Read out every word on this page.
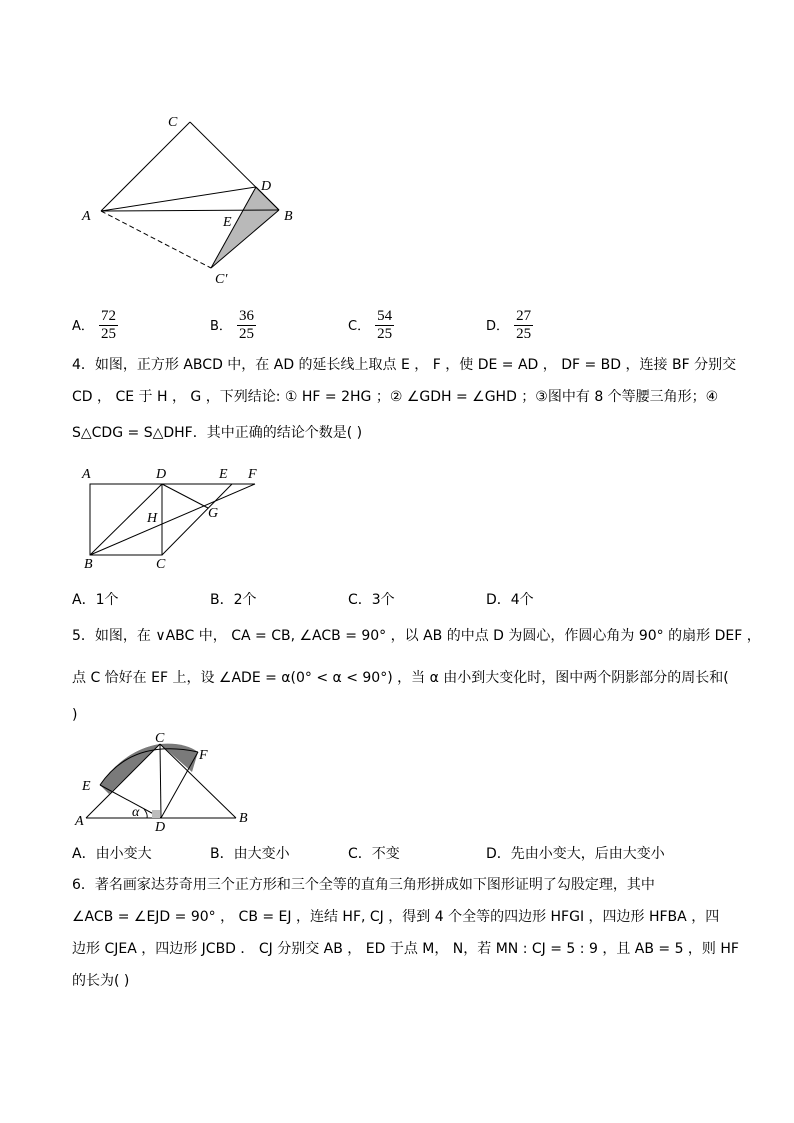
C
D
A	E	B
C′
A． $\frac{72}{25}$	B． $\frac{36}{25}$	C． $\frac{54}{25}$	D． $\frac{27}{25}$
4．如图，正方形 ABCD 中，在 AD 的延长线上取点 E ， F ，使 DE = AD ， DF = BD ，连接 BF 分别交
CD ， CE 于 H ， G ，下列结论: ① HF = 2HG ；② ∠GDH = ∠GHD ；③图中有 8 个等腰三角形；④
S△CDG = S△DHF．其中正确的结论个数是( )
A	D	E F
H	G
B	C
A．1个	B．2个	C．3个	D．4个
5．如图，在 ∨ABC 中， CA = CB, ∠ACB = 90° ，以 AB 的中点 D 为圆心，作圆心角为 90° 的扇形 DEF ，
点 C 恰好在 EF 上，设 ∠ADE = α(0° < α < 90°) ，当 α 由小到大变化时，图中两个阴影部分的周长和(
)
C
F
E
α
A	D
B
A．由小变大	B．由大变小	C．不变	D．先由小变大，后由大变小
6．著名画家达芬奇用三个正方形和三个全等的直角三角形拼成如下图形证明了勾股定理，其中
∠ACB = ∠EJD = 90° ， CB = EJ ，连结 HF, CJ ，得到 4 个全等的四边形 HFGI ，四边形 HFBA ，四
边形 CJEA ，四边形 JCBD ． CJ 分别交 AB ， ED 于点 M， N，若 MN : CJ = 5 : 9 ，且 AB = 5 ，则 HF
的长为( )
